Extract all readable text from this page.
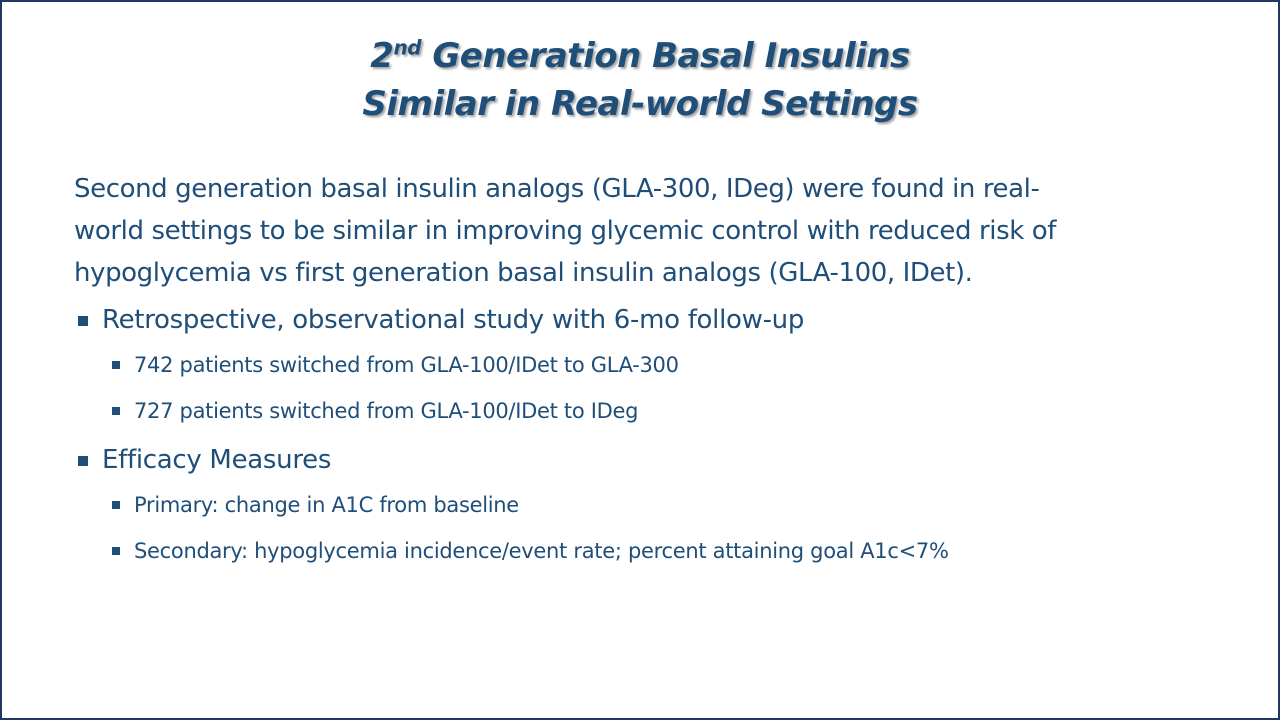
2nd Generation Basal Insulins
Similar in Real-world Settings
Second generation basal insulin analogs (GLA-300, IDeg) were found in real-
world settings to be similar in improving glycemic control with reduced risk of
hypoglycemia vs first generation basal insulin analogs (GLA-100, IDet).
Retrospective, observational study with 6-mo follow-up
742 patients switched from GLA-100/IDet to GLA-300
727 patients switched from GLA-100/IDet to IDeg
Efficacy Measures
Primary: change in A1C from baseline
Secondary: hypoglycemia incidence/event rate; percent attaining goal A1c<7%
